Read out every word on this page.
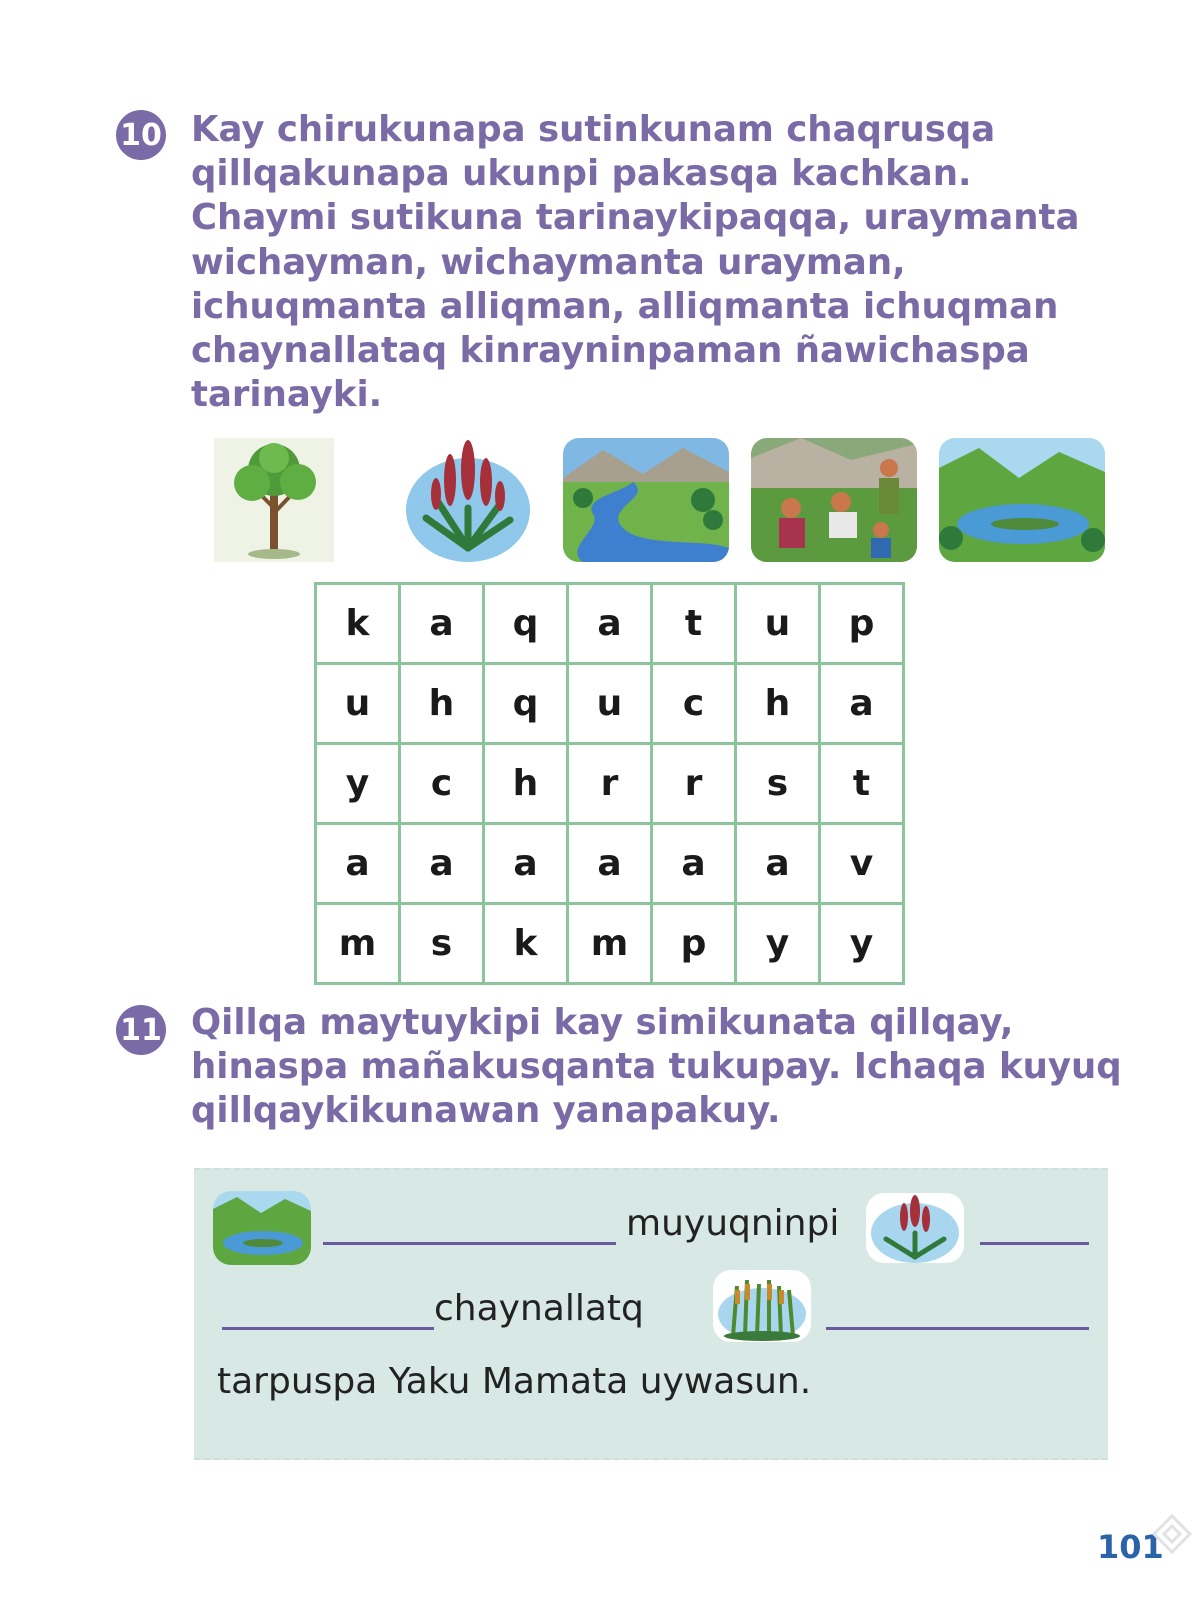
10 Kay chirukunapa sutinkunam chaqrusqa
qillqakunapa ukunpi pakasqa kachkan.
Chaymi sutikuna tarinaykipaqqa, uraymanta
wichayman, wichaymanta urayman,
ichuqmanta alliqman, alliqmanta ichuqman
chaynallataq kinrayninpaman ñawichaspa
tarinayki.
k	a	q	a	t	u	p
u	h	q	u	c	h	a
y	c	h	r	r	s	t
a	a	a	a	a	a	v
m	s	k	m	p	y	y
11 Qillqa maytuykipi kay simikunata qillqay,
hinaspa mañakusqanta tukupay. Ichaqa kuyuq
qillqaykikunawan yanapakuy.
muyuqninpi
chaynallatq
tarpuspa Yaku Mamata uywasun.
101
